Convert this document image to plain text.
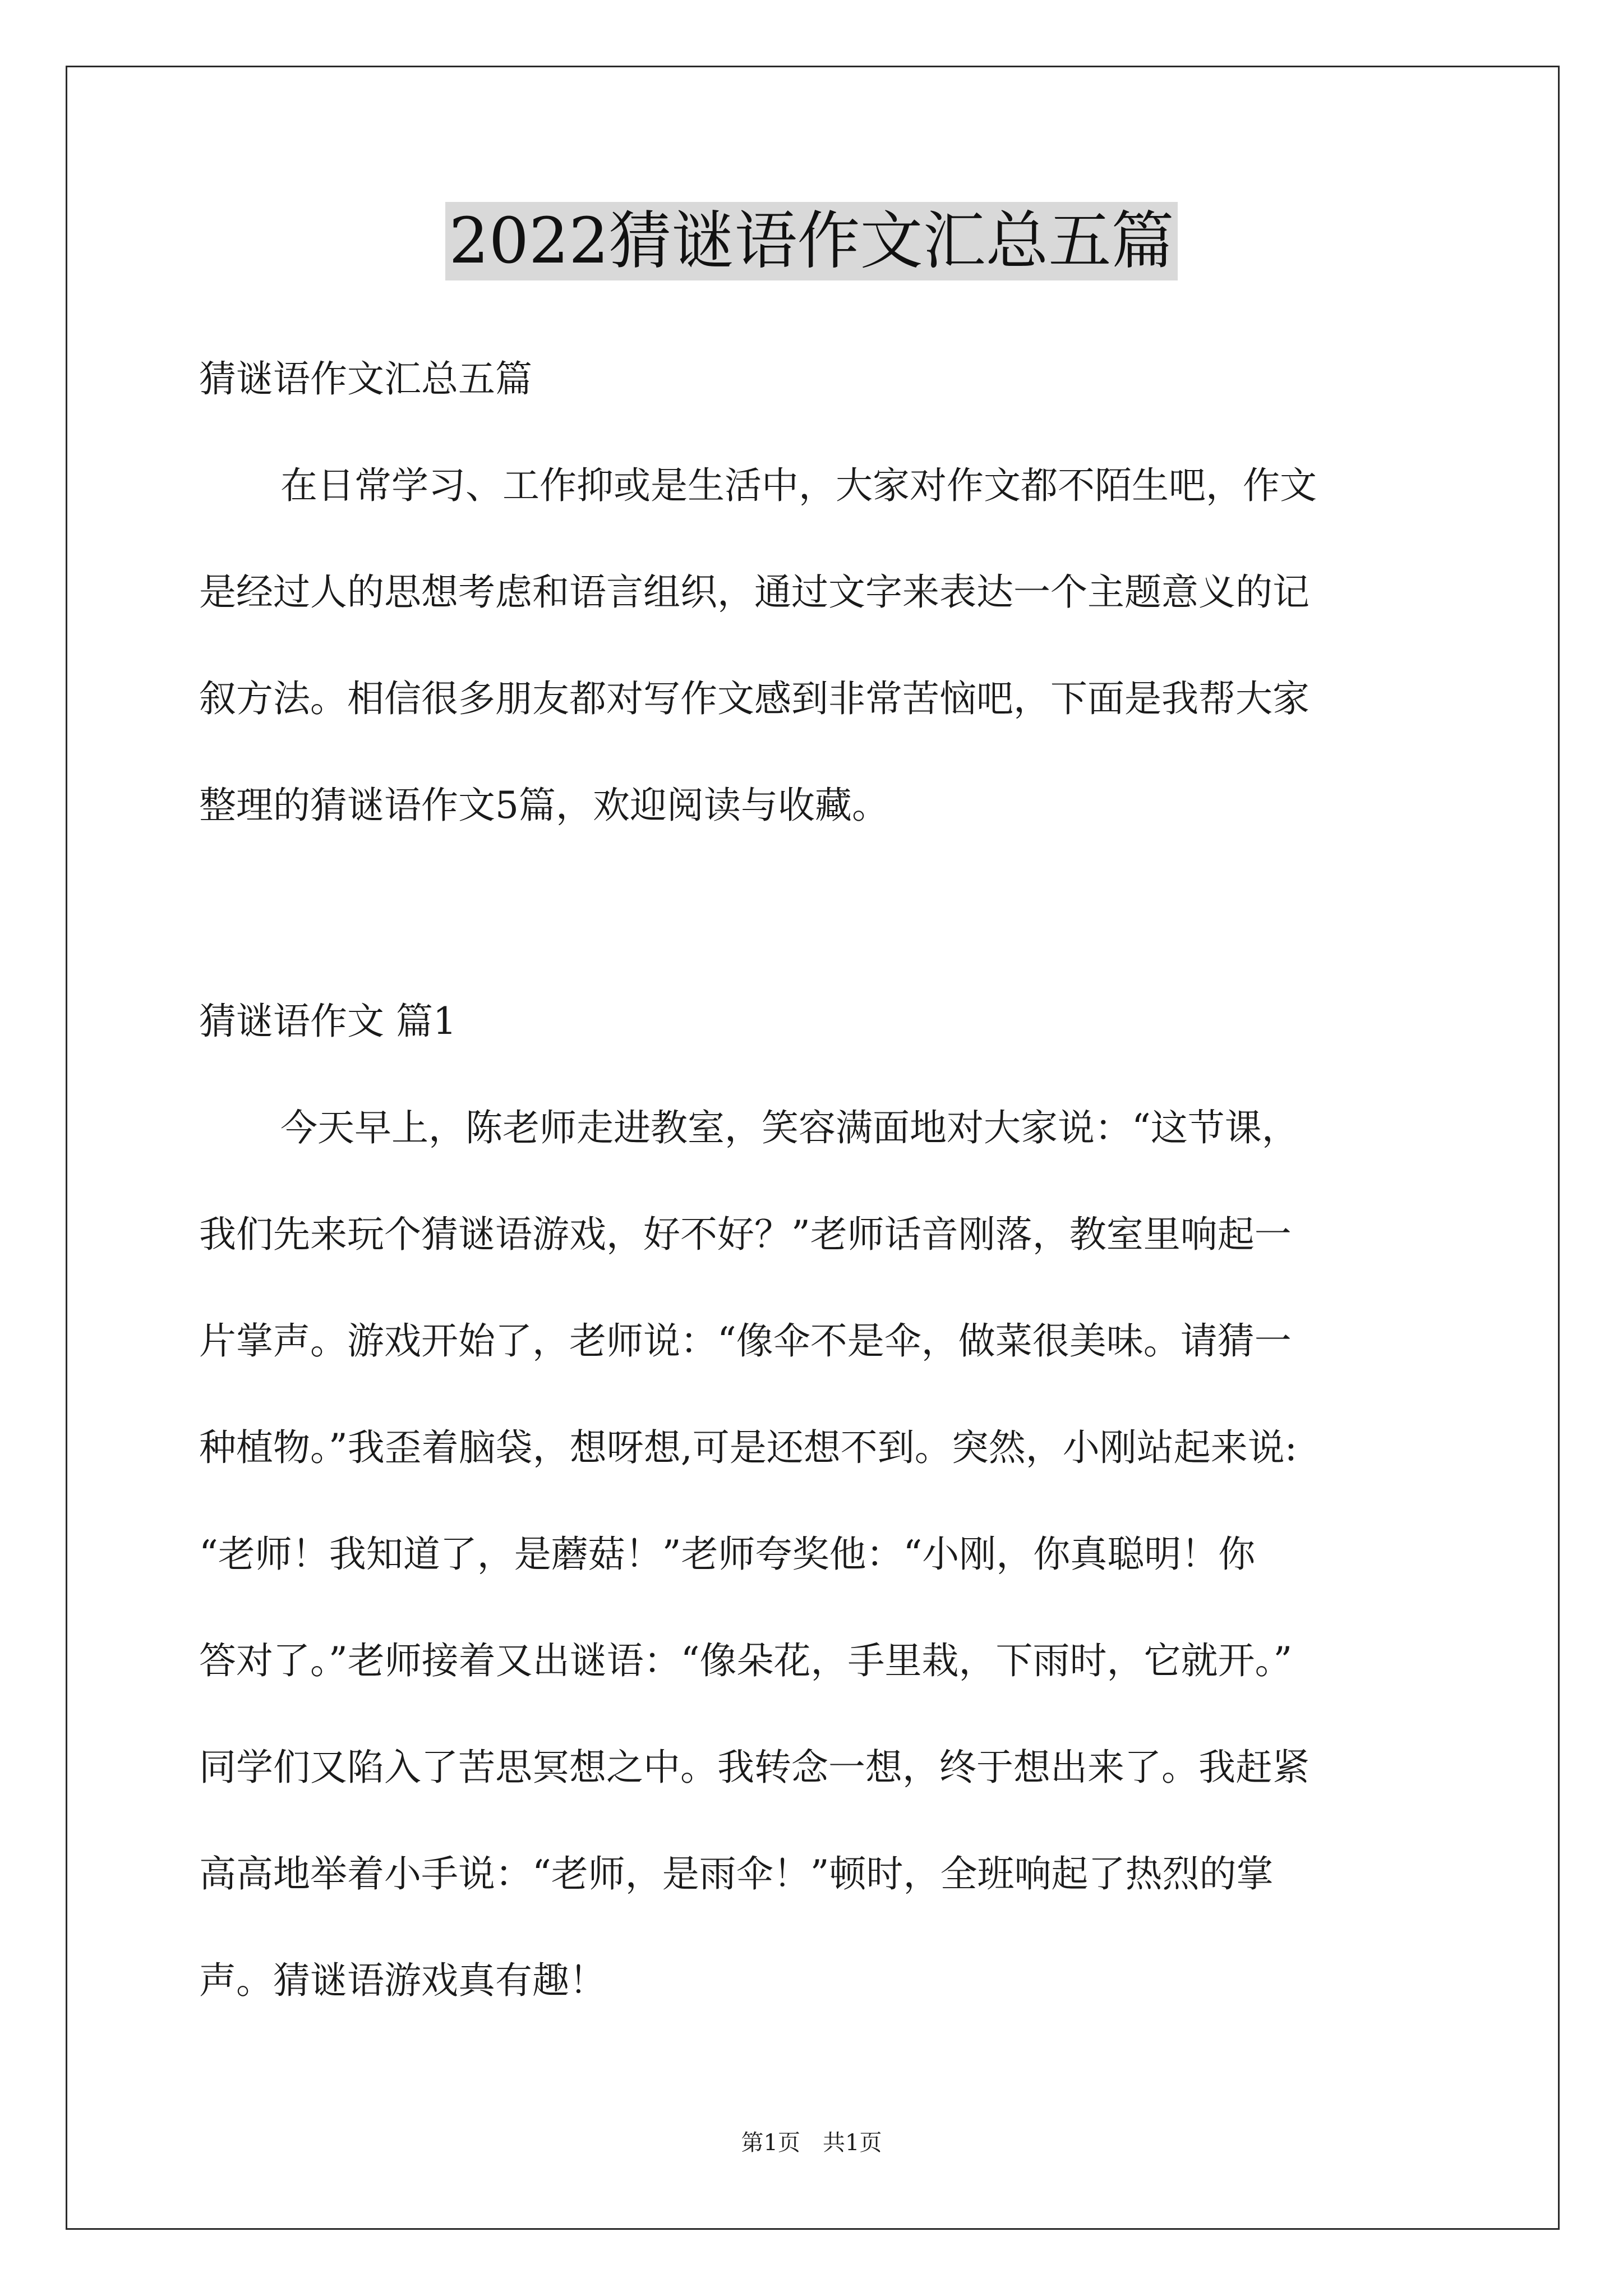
2022猜谜语作文汇总五篇
猜谜语作文汇总五篇
在日常学习、工作抑或是生活中，大家对作文都不陌生吧，作文
是经过人的思想考虑和语言组织，通过文字来表达一个主题意义的记
叙方法。相信很多朋友都对写作文感到非常苦恼吧，下面是我帮大家
整理的猜谜语作文5篇，欢迎阅读与收藏。
猜谜语作文 篇1
今天早上，陈老师走进教室，笑容满面地对大家说：“这节课，
我们先来玩个猜谜语游戏，好不好？”老师话音刚落，教室里响起一
片掌声。游戏开始了，老师说：“像伞不是伞，做菜很美味。请猜一
种植物。”我歪着脑袋，想呀想,可是还想不到。突然，小刚站起来说:
“老师！我知道了，是蘑菇！”老师夸奖他：“小刚，你真聪明！你
答对了。”老师接着又出谜语：“像朵花，手里栽，下雨时，它就开。”
同学们又陷入了苦思冥想之中。我转念一想，终于想出来了。我赶紧
高高地举着小手说：“老师，是雨伞！”顿时，全班响起了热烈的掌
声。猜谜语游戏真有趣！
第1页 共1页
